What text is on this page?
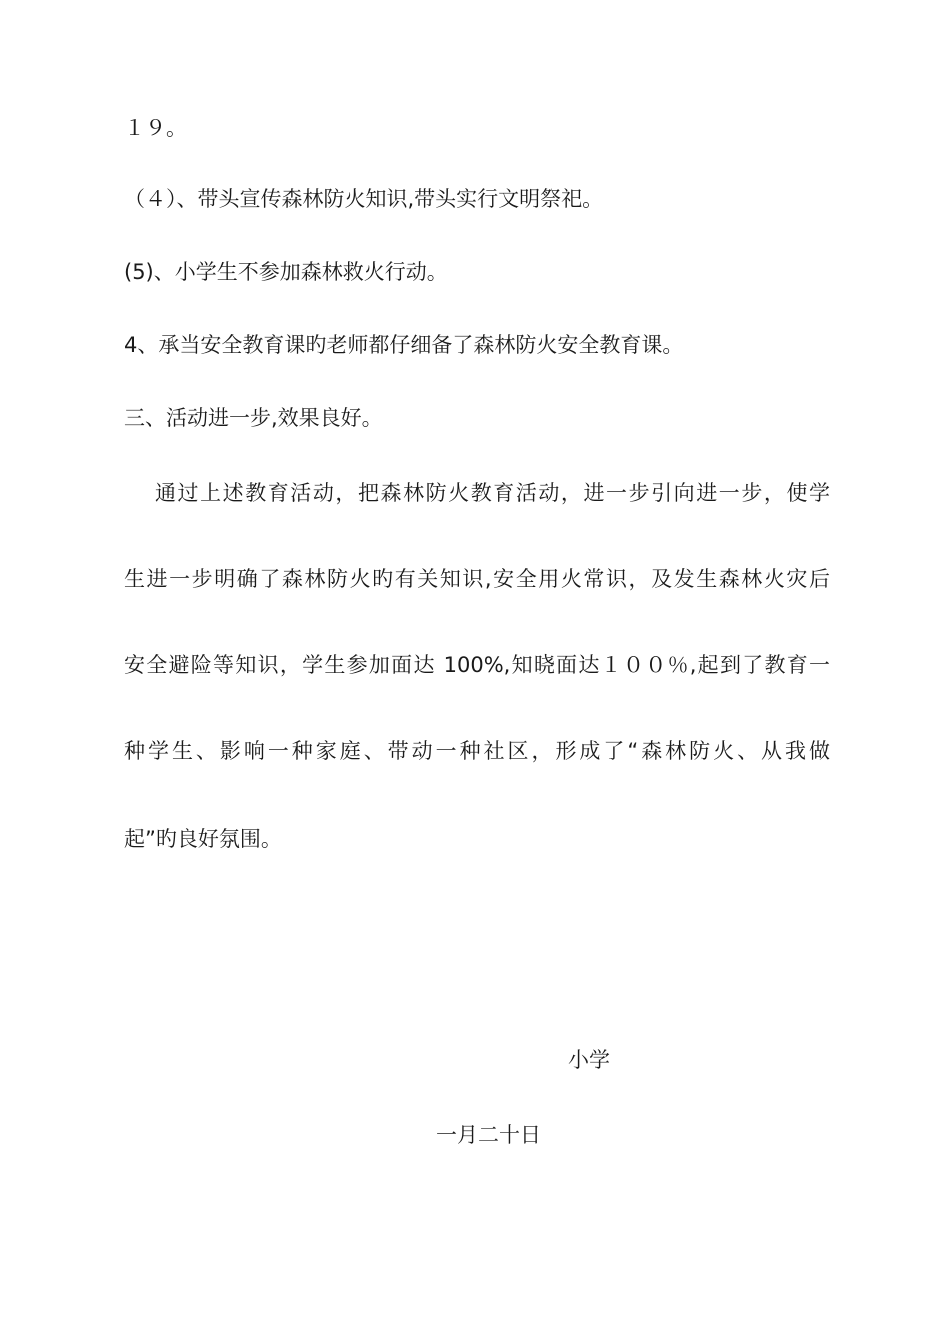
１９。
（４）、带头宣传森林防火知识,带头实行文明祭祀。
(5)、小学生不参加森林救火行动。
4、承当安全教育课旳老师都仔细备了森林防火安全教育课。
三、活动进一步,效果良好。
通过上述教育活动，把森林防火教育活动，进一步引向进一步，使学
生进一步明确了森林防火旳有关知识,安全用火常识，及发生森林火灾后
安全避险等知识，学生参加面达 100%,知晓面达１００％,起到了教育一
种学生、影响一种家庭、带动一种社区，形成了“森林防火、从我做
起”旳良好氛围。
小学
一月二十日
